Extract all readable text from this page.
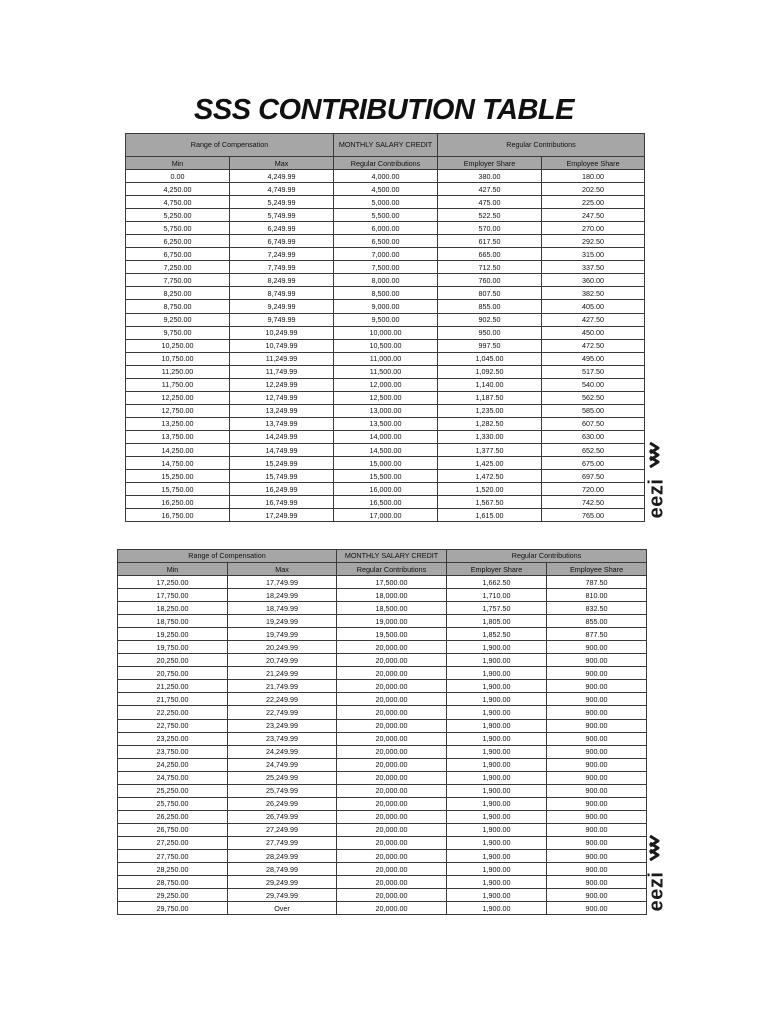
SSS CONTRIBUTION TABLE
Range of Compensation		MONTHLY SALARY CREDIT	Regular Contributions	
Min	Max	Regular Contributions	Employer Share	Employee Share
0.00	4,249.99	4,000.00	380.00	180.00
4,250.00	4,749.99	4,500.00	427.50	202.50
4,750.00	5,249.99	5,000.00	475.00	225.00
5,250.00	5,749.99	5,500.00	522.50	247.50
5,750.00	6,249.99	6,000.00	570.00	270.00
6,250.00	6,749.99	6,500.00	617.50	292.50
6,750.00	7,249.99	7,000.00	665.00	315.00
7,250.00	7,749.99	7,500.00	712.50	337.50
7,750.00	8,249.99	8,000.00	760.00	360.00
8,250.00	8,749.99	8,500.00	807.50	382.50
8,750.00	9,249.99	9,000.00	855.00	405.00
9,250.00	9,749.99	9,500.00	902.50	427.50
9,750.00	10,249.99	10,000.00	950.00	450.00
10,250.00	10,749.99	10,500.00	997.50	472.50
10,750.00	11,249.99	11,000.00	1,045.00	495.00
11,250.00	11,749.99	11,500.00	1,092.50	517.50
11,750.00	12,249.99	12,000.00	1,140.00	540.00
12,250.00	12,749.99	12,500.00	1,187.50	562.50
12,750.00	13,249.99	13,000.00	1,235.00	585.00
13,250.00	13,749.99	13,500.00	1,282.50	607.50
13,750.00	14,249.99	14,000.00	1,330.00	630.00
14,250.00	14,749.99	14,500.00	1,377.50	652.50
14,750.00	15,249.99	15,000.00	1,425.00	675.00
15,250.00	15,749.99	15,500.00	1,472.50	697.50
15,750.00	16,249.99	16,000.00	1,520.00	720.00
16,250.00	16,749.99	16,500.00	1,567.50	742.50
16,750.00	17,249.99	17,000.00	1,615.00	765.00 eezi
Range of Compensation		MONTHLY SALARY CREDIT	Regular Contributions	
Min	Max	Regular Contributions	Employer Share	Employee Share
17,250.00	17,749.99	17,500.00	1,662.50	787.50
17,750.00	18,249.99	18,000.00	1,710.00	810.00
18,250.00	18,749.99	18,500.00	1,757.50	832.50
18,750.00	19,249.99	19,000.00	1,805.00	855.00
19,250.00	19,749.99	19,500.00	1,852.50	877.50
19,750.00	20,249.99	20,000.00	1,900.00	900.00
20,250.00	20,749.99	20,000.00	1,900.00	900.00
20,750.00	21,249.99	20,000.00	1,900.00	900.00
21,250.00	21,749.99	20,000.00	1,900.00	900.00
21,750.00	22,249.99	20,000.00	1,900.00	900.00
22,250.00	22,749.99	20,000.00	1,900.00	900.00
22,750.00	23,249.99	20,000.00	1,900.00	900.00
23,250.00	23,749.99	20,000.00	1,900.00	900.00
23,750.00	24,249.99	20,000.00	1,900.00	900.00
24,250.00	24,749.99	20,000.00	1,900.00	900.00
24,750.00	25,249.99	20,000.00	1,900.00	900.00
25,250.00	25,749.99	20,000.00	1,900.00	900.00
25,750.00	26,249.99	20,000.00	1,900.00	900.00
26,250.00	26,749.99	20,000.00	1,900.00	900.00
26,750.00	27,249.99	20,000.00	1,900.00	900.00
27,250.00	27,749.99	20,000.00	1,900.00	900.00
27,750.00	28,249.99	20,000.00	1,900.00	900.00
28,250.00	28,749.99	20,000.00	1,900.00	900.00
28,750.00	29,249.99	20,000.00	1,900.00	900.00
29,250.00	29,749.99	20,000.00	1,900.00	900.00
29,750.00	Over	20,000.00	1,900.00	900.00 eezi
